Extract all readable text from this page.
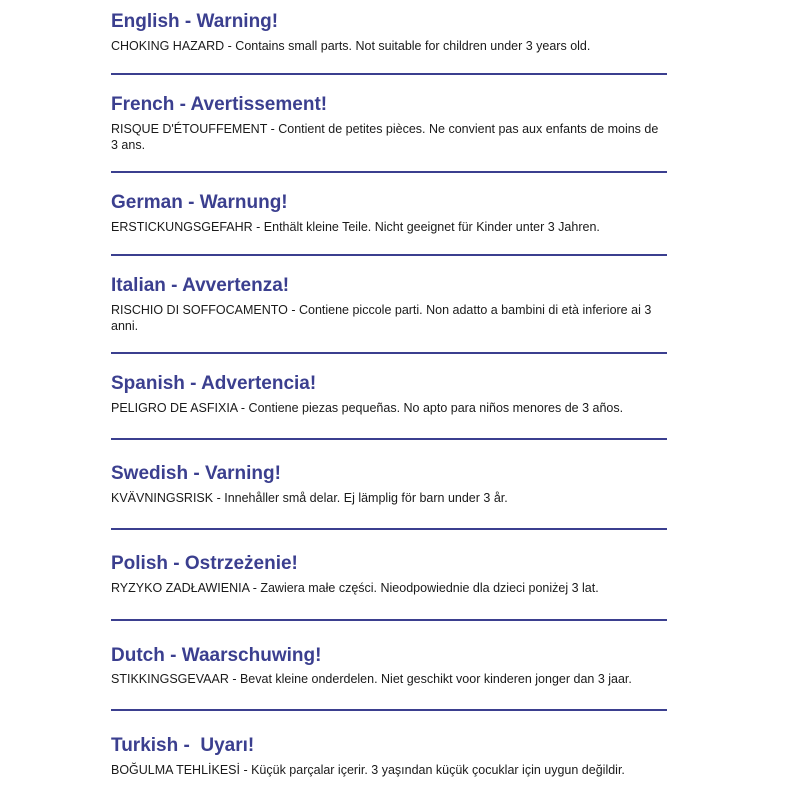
English - Warning!

CHOKING HAZARD - Contains small parts. Not suitable for children under 3 years old.

French - Avertissement!

RISQUE D'ÉTOUFFEMENT - Contient de petites pièces. Ne convient pas aux enfants de moins de 3 ans.

German - Warnung!

ERSTICKUNGSGEFAHR - Enthält kleine Teile. Nicht geeignet für Kinder unter 3 Jahren.

Italian - Avvertenza!

RISCHIO DI SOFFOCAMENTO - Contiene piccole parti. Non adatto a bambini di età inferiore ai 3 anni.

Spanish - Advertencia!

PELIGRO DE ASFIXIA - Contiene piezas pequeñas. No apto para niños menores de 3 años.

Swedish - Varning!

KVÄVNINGSRISK - Innehåller små delar. Ej lämplig för barn under 3 år.

Polish - Ostrzeżenie!

RYZYKO ZADŁAWIENIA - Zawiera małe części. Nieodpowiednie dla dzieci poniżej 3 lat.

Dutch - Waarschuwing!

STIKKINGSGEVAAR - Bevat kleine onderdelen. Niet geschikt voor kinderen jonger dan 3 jaar.

Turkish -  Uyarı!

BOĞULMA TEHLİKESİ - Küçük parçalar içerir. 3 yaşından küçük çocuklar için uygun değildir.
